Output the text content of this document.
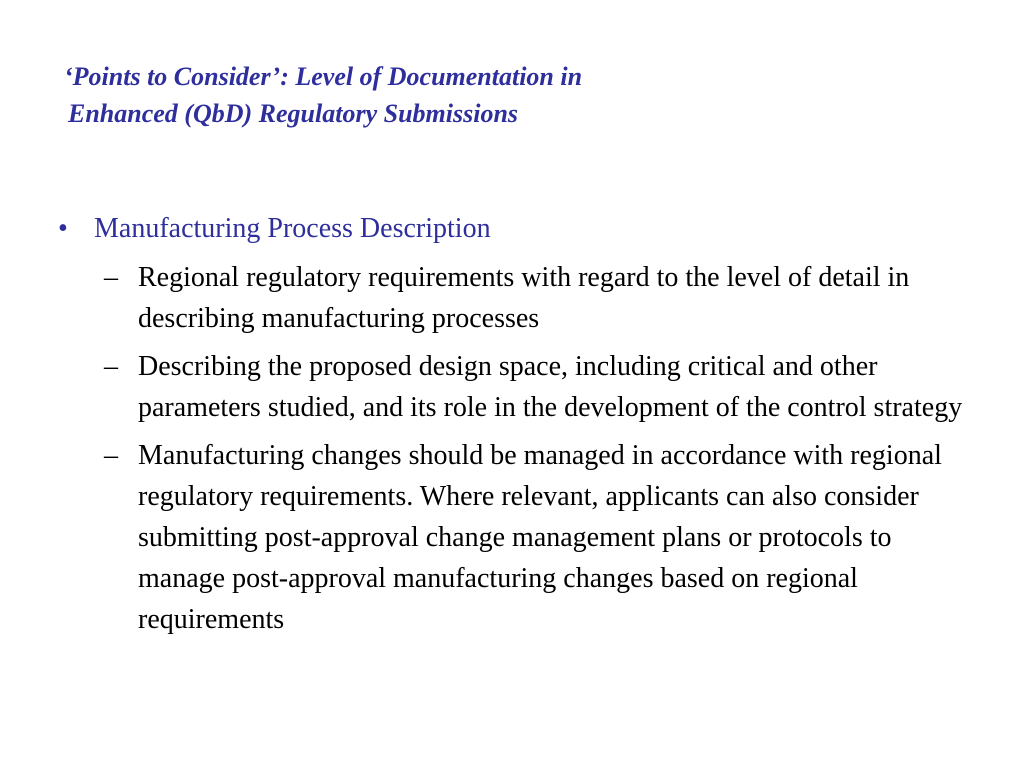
‘Points to Consider’: Level of Documentation in
Enhanced (QbD) Regulatory Submissions
• Manufacturing Process Description
– Regional regulatory requirements with regard to the level of detail in describing manufacturing processes
– Describing the proposed design space, including critical and other parameters studied, and its role in the development of the control strategy
– Manufacturing changes should be managed in accordance with regional regulatory requirements. Where relevant, applicants can also consider submitting post-approval change management plans or protocols to manage post-approval manufacturing changes based on regional requirements
